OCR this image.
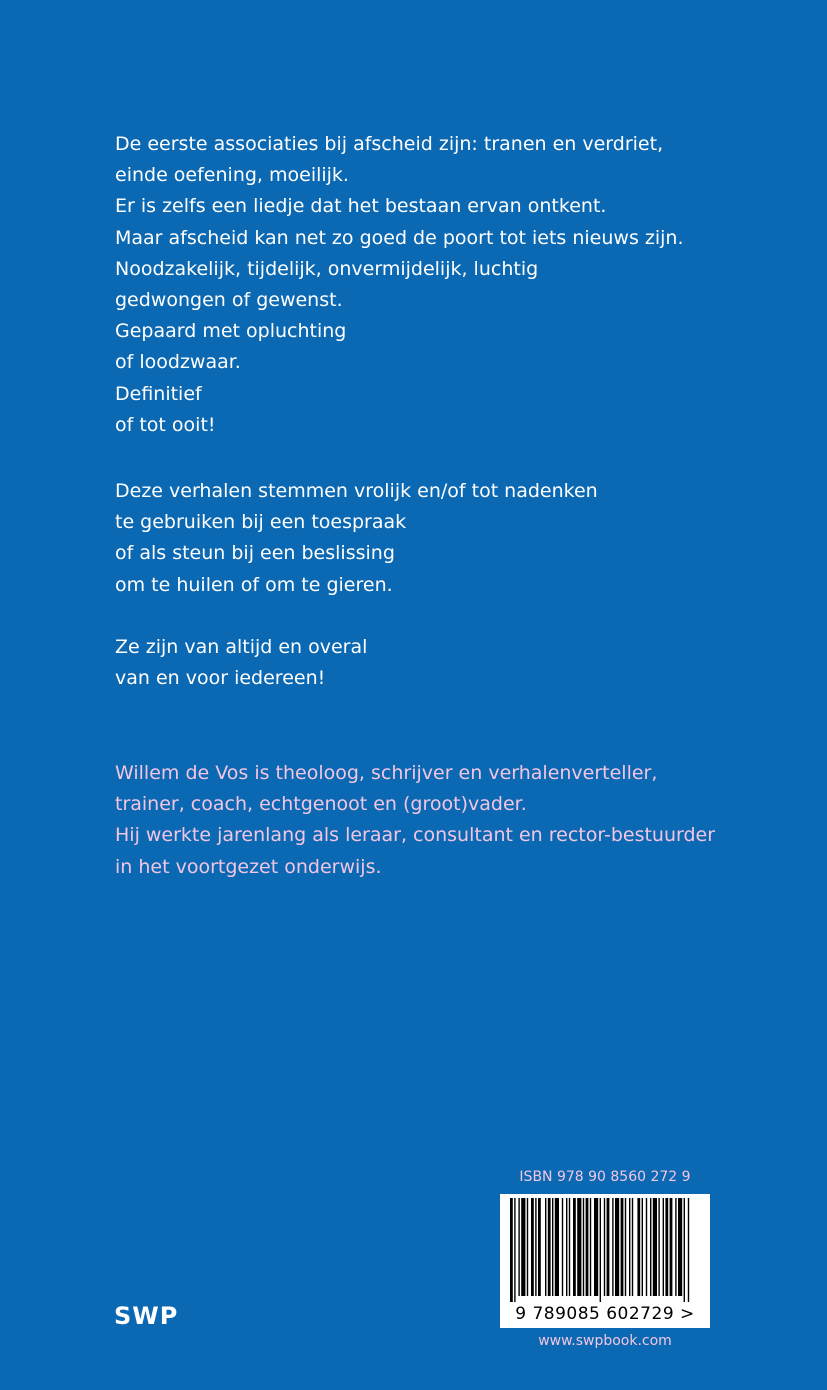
De eerste associaties bij afscheid zijn: tranen en verdriet,
einde oefening, moeilijk.
Er is zelfs een liedje dat het bestaan ervan ontkent.
Maar afscheid kan net zo goed de poort tot iets nieuws zijn.
Noodzakelijk, tijdelijk, onvermijdelijk, luchtig
gedwongen of gewenst.
Gepaard met opluchting
of loodzwaar.
Definitief
of tot ooit!
Deze verhalen stemmen vrolijk en/of tot nadenken
te gebruiken bij een toespraak
of als steun bij een beslissing
om te huilen of om te gieren.
Ze zijn van altijd en overal
van en voor iedereen!
Willem de Vos is theoloog, schrijver en verhalenverteller,
trainer, coach, echtgenoot en (groot)vader.
Hij werkte jarenlang als leraar, consultant en rector-bestuurder
in het voortgezet onderwijs.
ISBN 978 90 8560 272 9
9 789085 602729 >
www.swpbook.com
SWP
